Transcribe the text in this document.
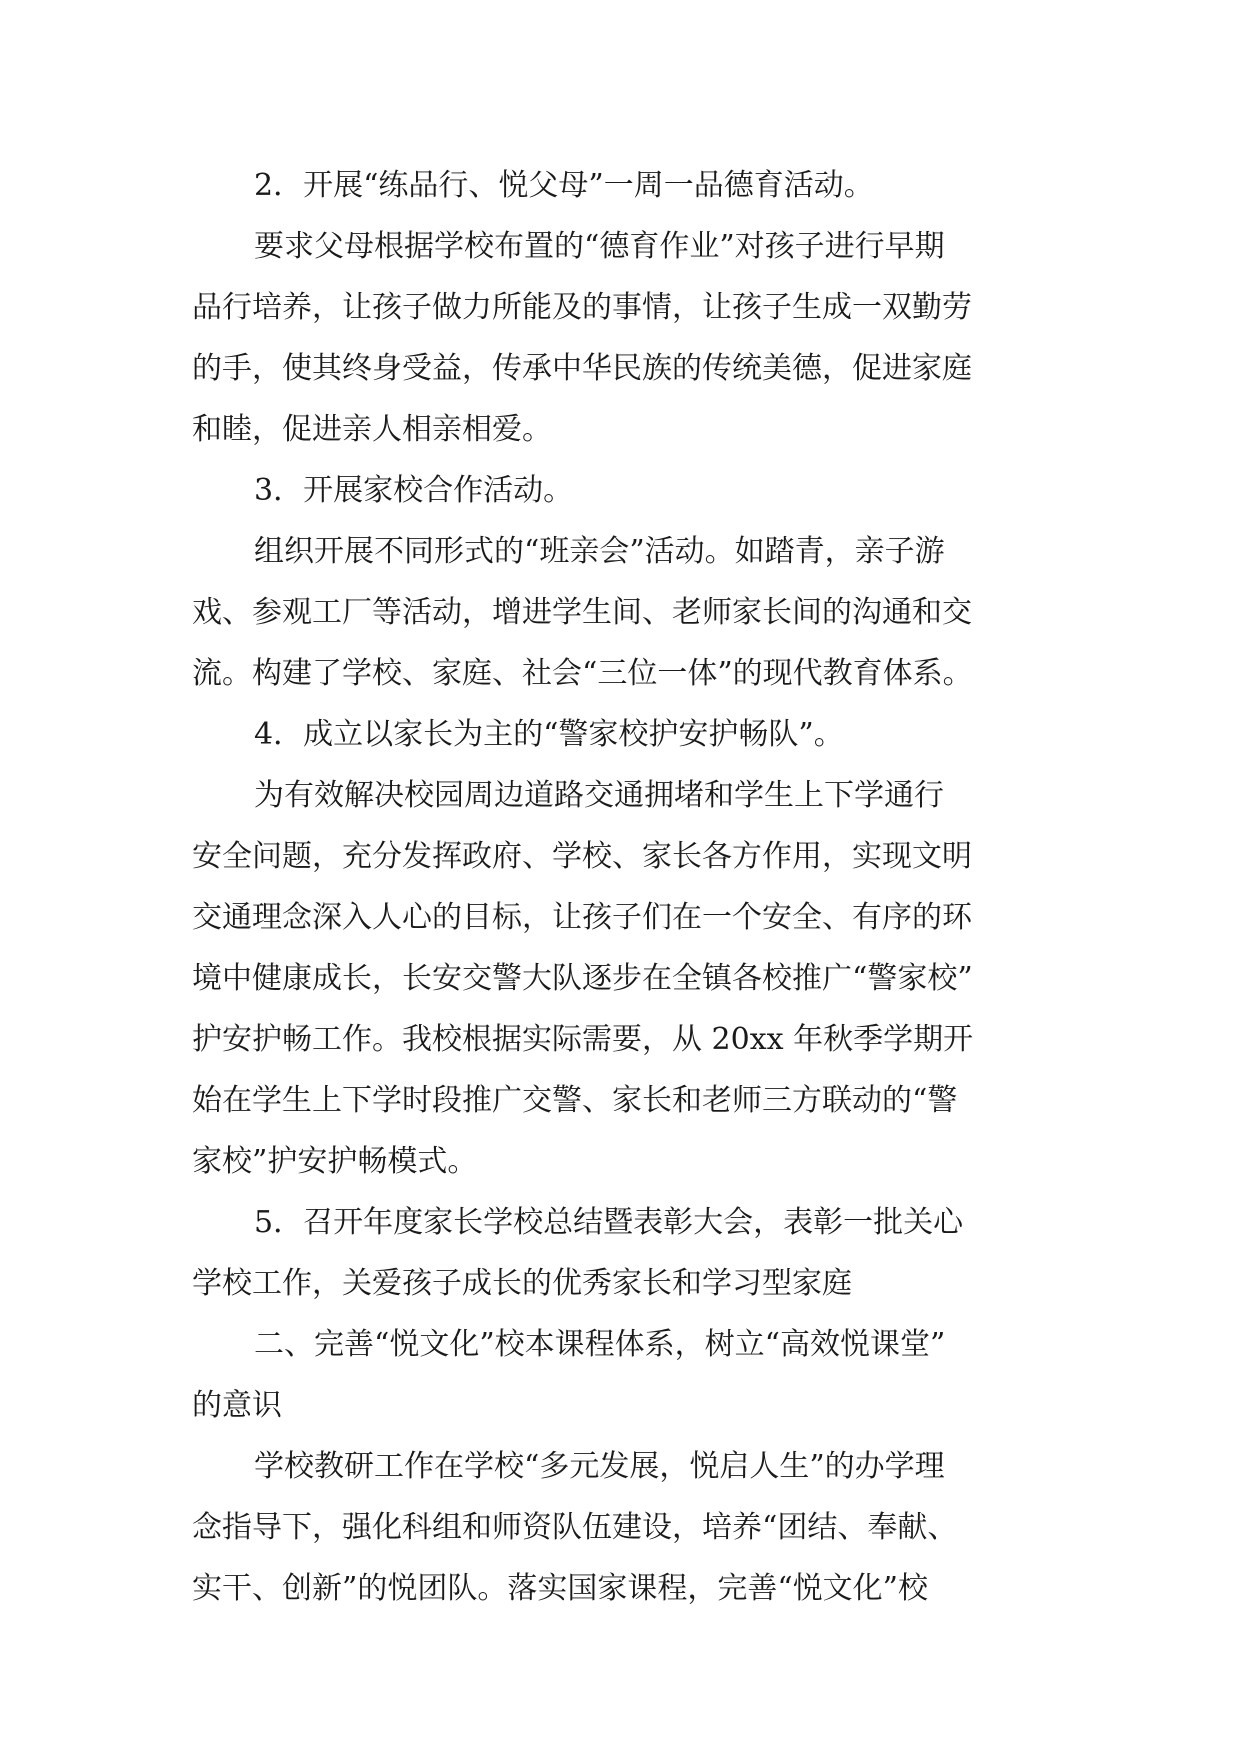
2．开展“练品行、悦父母”一周一品德育活动。

要求父母根据学校布置的“德育作业”对孩子进行早期
品行培养，让孩子做力所能及的事情，让孩子生成一双勤劳
的手，使其终身受益，传承中华民族的传统美德，促进家庭
和睦，促进亲人相亲相爱。

3．开展家校合作活动。

组织开展不同形式的“班亲会”活动。如踏青，亲子游
戏、参观工厂等活动，增进学生间、老师家长间的沟通和交
流。构建了学校、家庭、社会“三位一体”的现代教育体系。

4．成立以家长为主的“警家校护安护畅队”。

为有效解决校园周边道路交通拥堵和学生上下学通行
安全问题，充分发挥政府、学校、家长各方作用，实现文明
交通理念深入人心的目标，让孩子们在一个安全、有序的环
境中健康成长，长安交警大队逐步在全镇各校推广“警家校”
护安护畅工作。我校根据实际需要，从 20xx 年秋季学期开
始在学生上下学时段推广交警、家长和老师三方联动的“警
家校”护安护畅模式。

5．召开年度家长学校总结暨表彰大会，表彰一批关心
学校工作，关爱孩子成长的优秀家长和学习型家庭

二、完善“悦文化”校本课程体系，树立“高效悦课堂”
的意识

学校教研工作在学校“多元发展，悦启人生”的办学理
念指导下，强化科组和师资队伍建设，培养“团结、奉献、
实干、创新”的悦团队。落实国家课程，完善“悦文化”校
